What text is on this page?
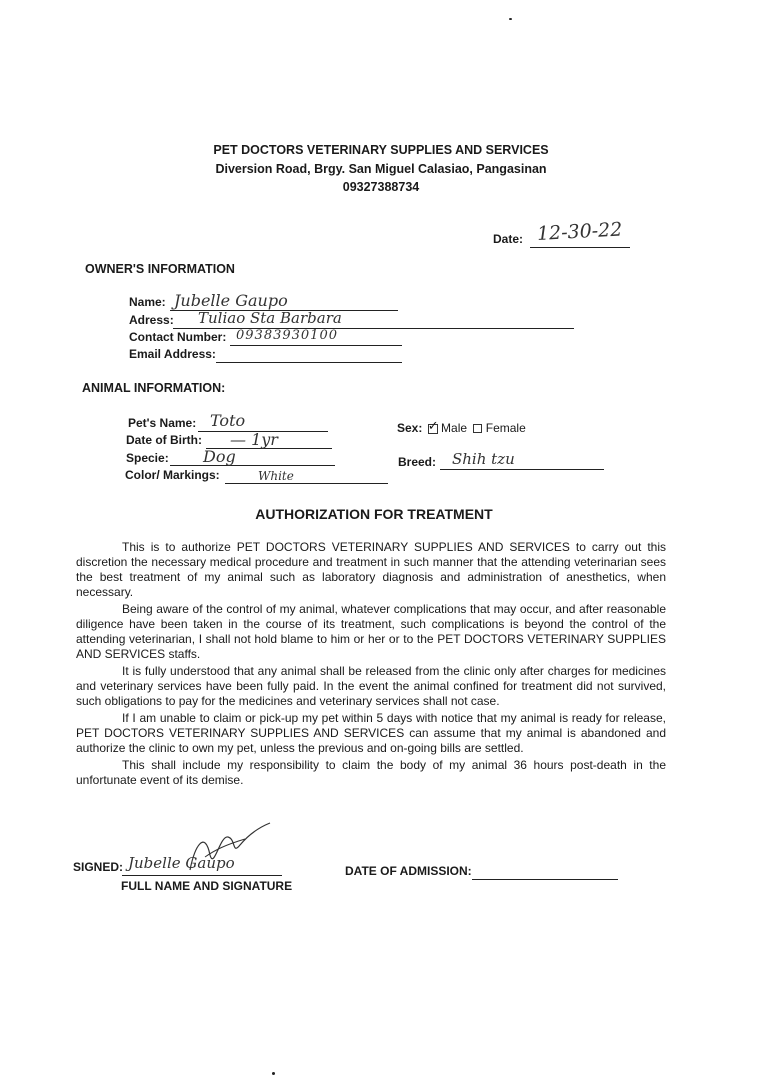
PET DOCTORS VETERINARY SUPPLIES AND SERVICES
Diversion Road, Brgy. San Miguel Calasiao, Pangasinan
09327388734
Date: 12-30-22
OWNER'S INFORMATION
Name: Jubelle Gaupo
Adress: Tuliao Sta Barbara
Contact Number: 09383930100
Email Address:
ANIMAL INFORMATION:
Pet's Name: Toto
Date of Birth: — 1yr
Specie: Dog
Color/ Markings:	White
Sex: ✓ Male Female
Breed: Shih tzu
AUTHORIZATION FOR TREATMENT

This is to authorize PET DOCTORS VETERINARY SUPPLIES AND SERVICES to carry out this discretion the necessary medical procedure and treatment in such manner that the attending veterinarian sees the best treatment of my animal such as laboratory diagnosis and administration of anesthetics, when necessary.

Being aware of the control of my animal, whatever complications that may occur, and after reasonable diligence have been taken in the course of its treatment, such complications is beyond the control of the attending veterinarian, I shall not hold blame to him or her or to the PET DOCTORS VETERINARY SUPPLIES AND SERVICES staffs.

It is fully understood that any animal shall be released from the clinic only after charges for medicines and veterinary services have been fully paid. In the event the animal confined for treatment did not survived, such obligations to pay for the medicines and veterinary services shall not case.

If I am unable to claim or pick-up my pet within 5 days with notice that my animal is ready for release, PET DOCTORS VETERINARY SUPPLIES AND SERVICES can assume that my animal is abandoned and authorize the clinic to own my pet, unless the previous and on-going bills are settled.

This shall include my responsibility to claim the body of my animal 36 hours post-death in the unfortunate event of its demise.

SIGNED: Jubelle Gaupo
FULL NAME AND SIGNATURE
DATE OF ADMISSION:
